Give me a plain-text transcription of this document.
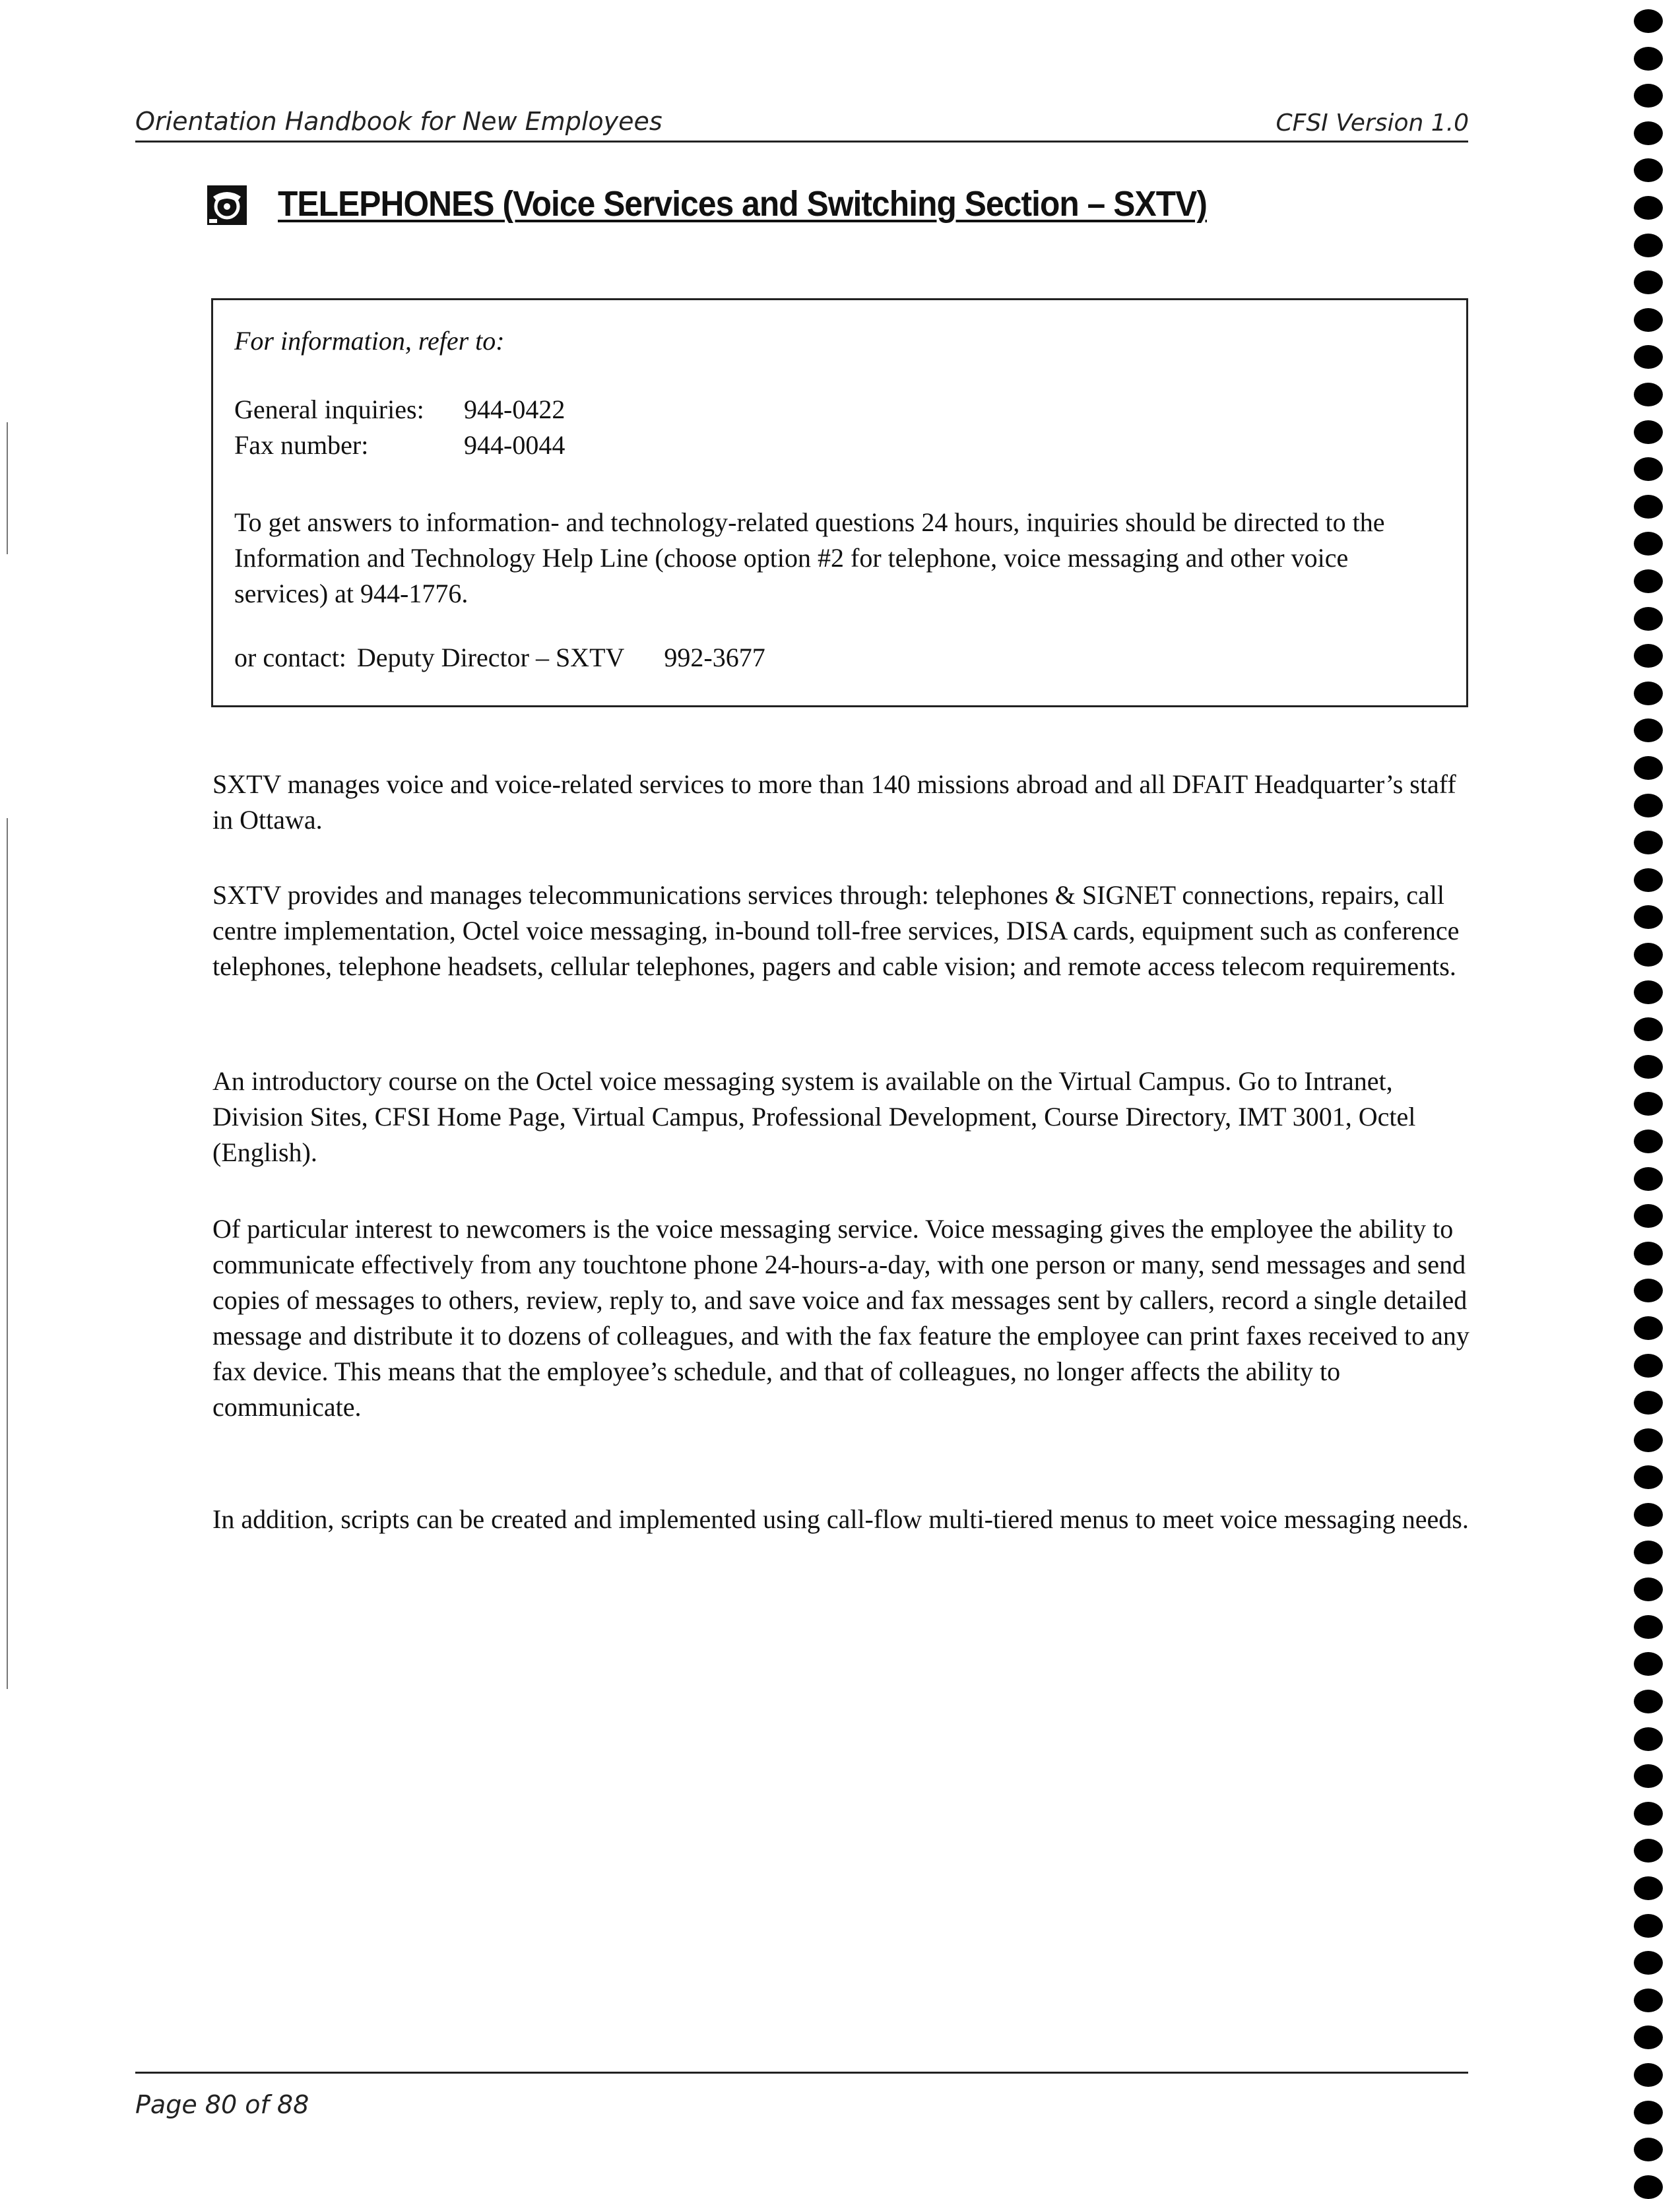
Orientation Handbook for New Employees	CFSI Version 1.0
TELEPHONES (Voice Services and Switching Section – SXTV)
For information, refer to:
General inquiries: 944-0422
Fax number:	944-0044
To get answers to information- and technology-related questions 24 hours, inquiries should be directed to the Information and Technology Help Line (choose option #2 for telephone, voice messaging and other voice services) at 944-1776.
or contact: Deputy Director – SXTV 992-3677
SXTV manages voice and voice-related services to more than 140 missions abroad and all DFAIT Headquarter’s staff in Ottawa.
SXTV provides and manages telecommunications services through: telephones & SIGNET connections, repairs, call centre implementation, Octel voice messaging, in-bound toll-free services, DISA cards, equipment such as conference telephones, telephone headsets, cellular telephones, pagers and cable vision; and remote access telecom requirements.
An introductory course on the Octel voice messaging system is available on the Virtual Campus. Go to Intranet, Division Sites, CFSI Home Page, Virtual Campus, Professional Development, Course Directory, IMT 3001, Octel (English).
Of particular interest to newcomers is the voice messaging service. Voice messaging gives the employee the ability to communicate effectively from any touchtone phone 24-hours-a-day, with one person or many, send messages and send copies of messages to others, review, reply to, and save voice and fax messages sent by callers, record a single detailed message and distribute it to dozens of colleagues, and with the fax feature the employee can print faxes received to any fax device. This means that the employee’s schedule, and that of colleagues, no longer affects the ability to communicate.
In addition, scripts can be created and implemented using call-flow multi-tiered menus to meet voice messaging needs.
Page 80 of 88
